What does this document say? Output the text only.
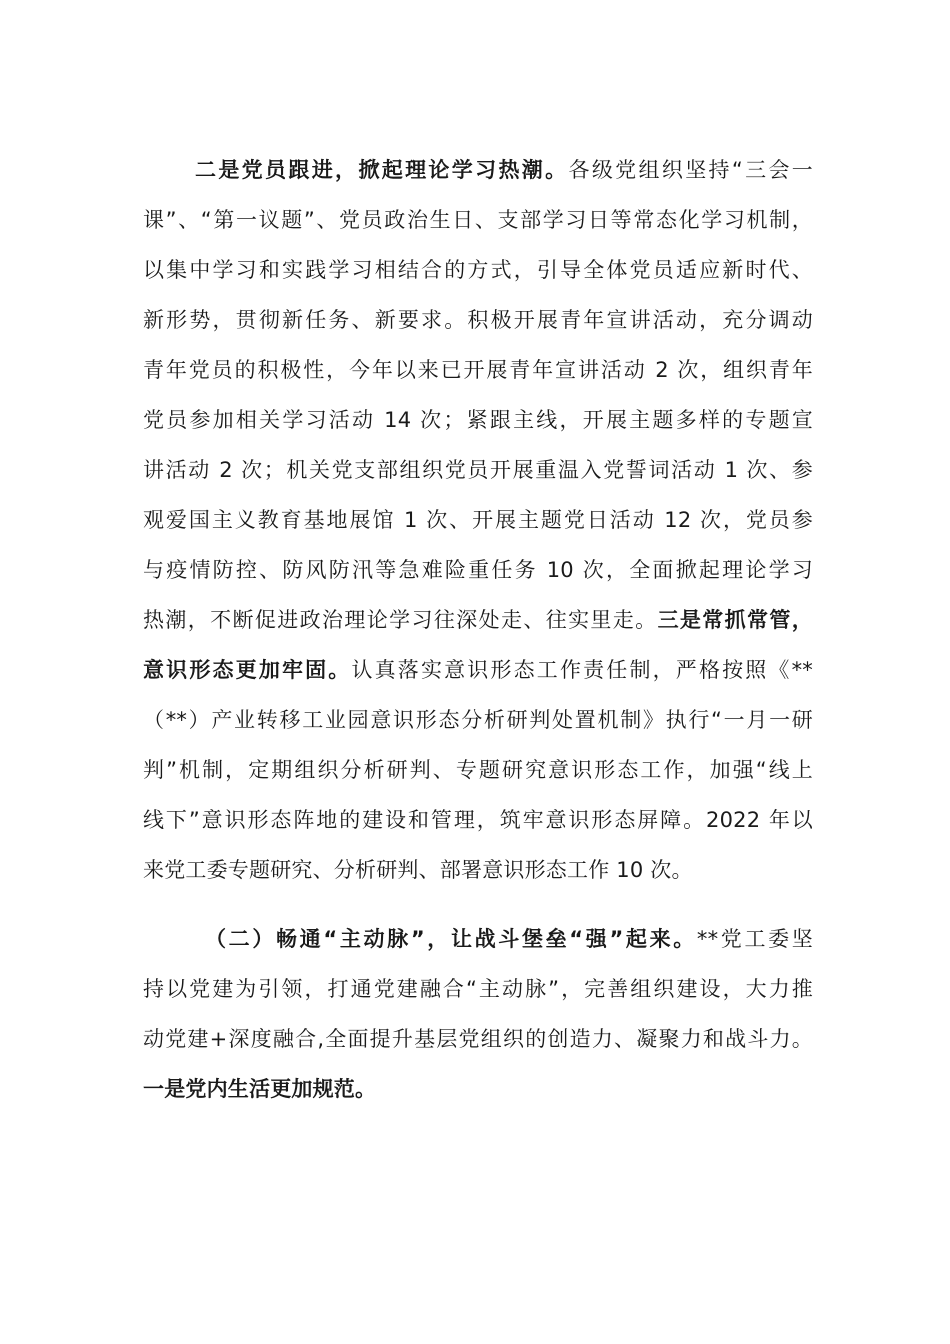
二是党员跟进，掀起理论学习热潮。各级党组织坚持“三会一
课”、“第一议题”、党员政治生日、支部学习日等常态化学习机制，
以集中学习和实践学习相结合的方式，引导全体党员适应新时代、
新形势，贯彻新任务、新要求。积极开展青年宣讲活动，充分调动
青年党员的积极性，今年以来已开展青年宣讲活动 2 次，组织青年
党员参加相关学习活动 14 次；紧跟主线，开展主题多样的专题宣
讲活动 2 次；机关党支部组织党员开展重温入党誓词活动 1 次、参
观爱国主义教育基地展馆 1 次、开展主题党日活动 12 次，党员参
与疫情防控、防风防汛等急难险重任务 10 次，全面掀起理论学习
热潮，不断促进政治理论学习往深处走、往实里走。三是常抓常管，
意识形态更加牢固。认真落实意识形态工作责任制，严格按照《**
（**）产业转移工业园意识形态分析研判处置机制》执行“一月一研
判”机制，定期组织分析研判、专题研究意识形态工作，加强“线上
线下”意识形态阵地的建设和管理，筑牢意识形态屏障。2022 年以
来党工委专题研究、分析研判、部署意识形态工作 10 次。
（二）畅通“主动脉”，让战斗堡垒“强”起来。**党工委坚
持以党建为引领，打通党建融合“主动脉”，完善组织建设，大力推
动党建+深度融合,全面提升基层党组织的创造力、凝聚力和战斗力。
一是党内生活更加规范。
